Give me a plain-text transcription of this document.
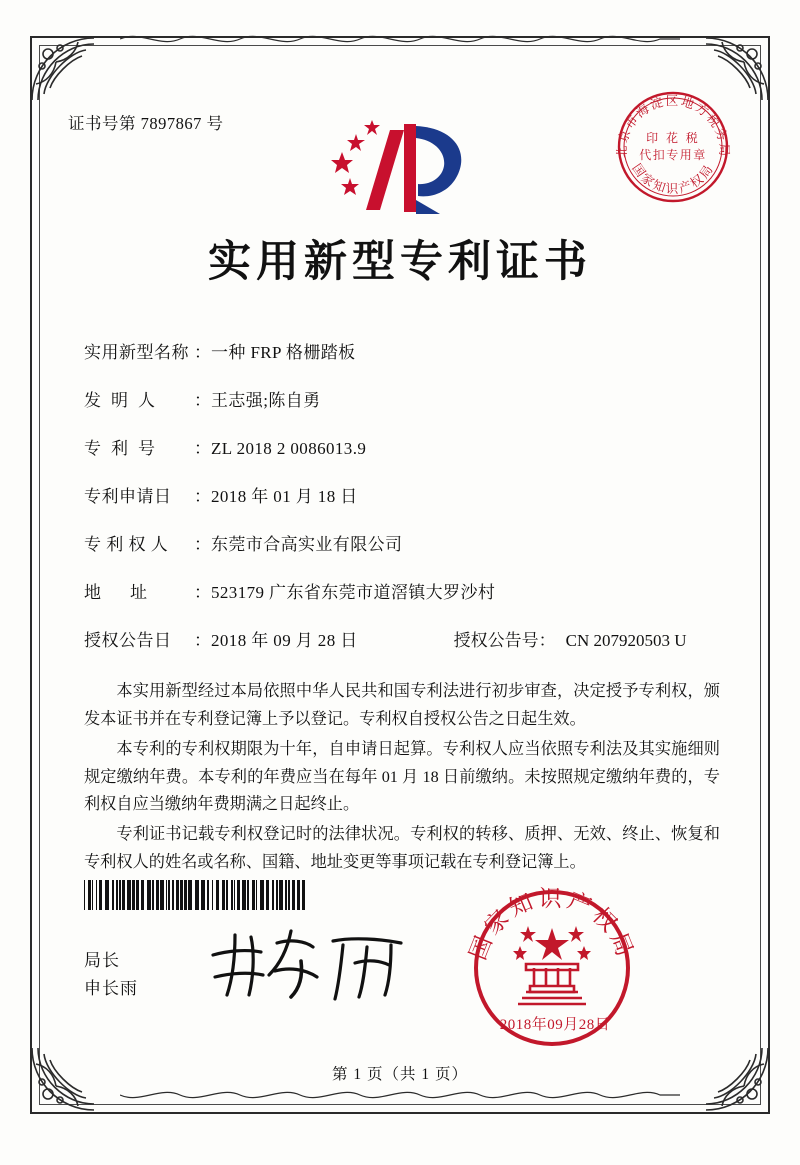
证书号第 7897867 号
北京市海淀区地方税务局
国家知识产权局
印 花 税
代扣专用章
实用新型专利证书
实用新型名称 ： 一种 FRP 格栅踏板
发  明  人	： 王志强;陈自勇
专  利  号	： ZL 2018 2 0086013.9
专利申请日	： 2018 年 01 月 18 日
专 利 权 人	： 东莞市合高实业有限公司
地      址	： 523179 广东省东莞市道滘镇大罗沙村
授权公告日	： 2018 年 09 月 28 日	授权公告号 ： CN 207920503 U

本实用新型经过本局依照中华人民共和国专利法进行初步审查，决定授予专利权，颁发本证书并在专利登记簿上予以登记。专利权自授权公告之日起生效。

本专利的专利权期限为十年，自申请日起算。专利权人应当依照专利法及其实施细则规定缴纳年费。本专利的年费应当在每年 01 月 18 日前缴纳。未按照规定缴纳年费的，专利权自应当缴纳年费期满之日起终止。

专利证书记载专利权登记时的法律状况。专利权的转移、质押、无效、终止、恢复和专利权人的姓名或名称、国籍、地址变更等事项记载在专利登记簿上。

局长
申长雨
国家知识产权局
2018年09月28日
第 1 页（共 1 页）
